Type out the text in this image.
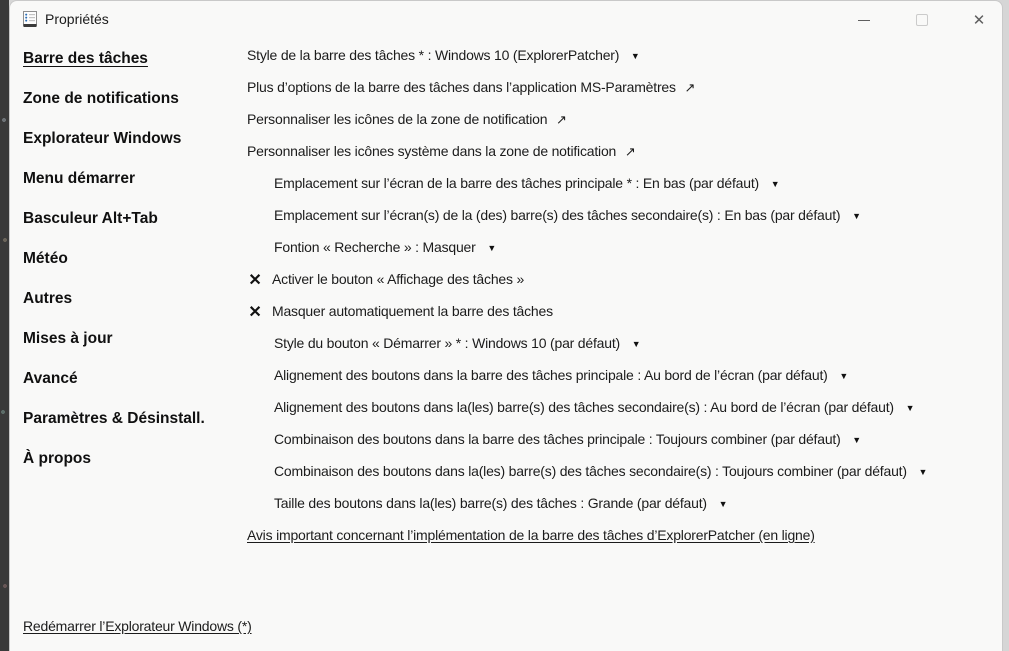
Propriétés	✕
Barre des tâches
Zone de notifications
Explorateur Windows
Menu démarrer
Basculeur Alt+Tab
Météo
Autres
Mises à jour
Avancé
Paramètres & Désinstall.
À propos
Style de la barre des tâches * : Windows 10 (ExplorerPatcher) ▼
Plus d’options de la barre des tâches dans l’application MS-Paramètres ↗
Personnaliser les icônes de la zone de notification ↗
Personnaliser les icônes système dans la zone de notification ↗
Emplacement sur l’écran de la barre des tâches principale * : En bas (par défaut) ▼
Emplacement sur l’écran(s) de la (des) barre(s) des tâches secondaire(s) : En bas (par défaut) ▼
Fontion « Recherche » : Masquer ▼
✕ Activer le bouton « Affichage des tâches »
✕ Masquer automatiquement la barre des tâches
Style du bouton « Démarrer » * : Windows 10 (par défaut) ▼
Alignement des boutons dans la barre des tâches principale : Au bord de l’écran (par défaut) ▼
Alignement des boutons dans la(les) barre(s) des tâches secondaire(s) : Au bord de l’écran (par défaut) ▼
Combinaison des boutons dans la barre des tâches principale : Toujours combiner (par défaut) ▼
Combinaison des boutons dans la(les) barre(s) des tâches secondaire(s) : Toujours combiner (par défaut) ▼
Taille des boutons dans la(les) barre(s) des tâches : Grande (par défaut) ▼
Avis important concernant l’implémentation de la barre des tâches d’ExplorerPatcher (en ligne)
Redémarrer l’Explorateur Windows (*)
